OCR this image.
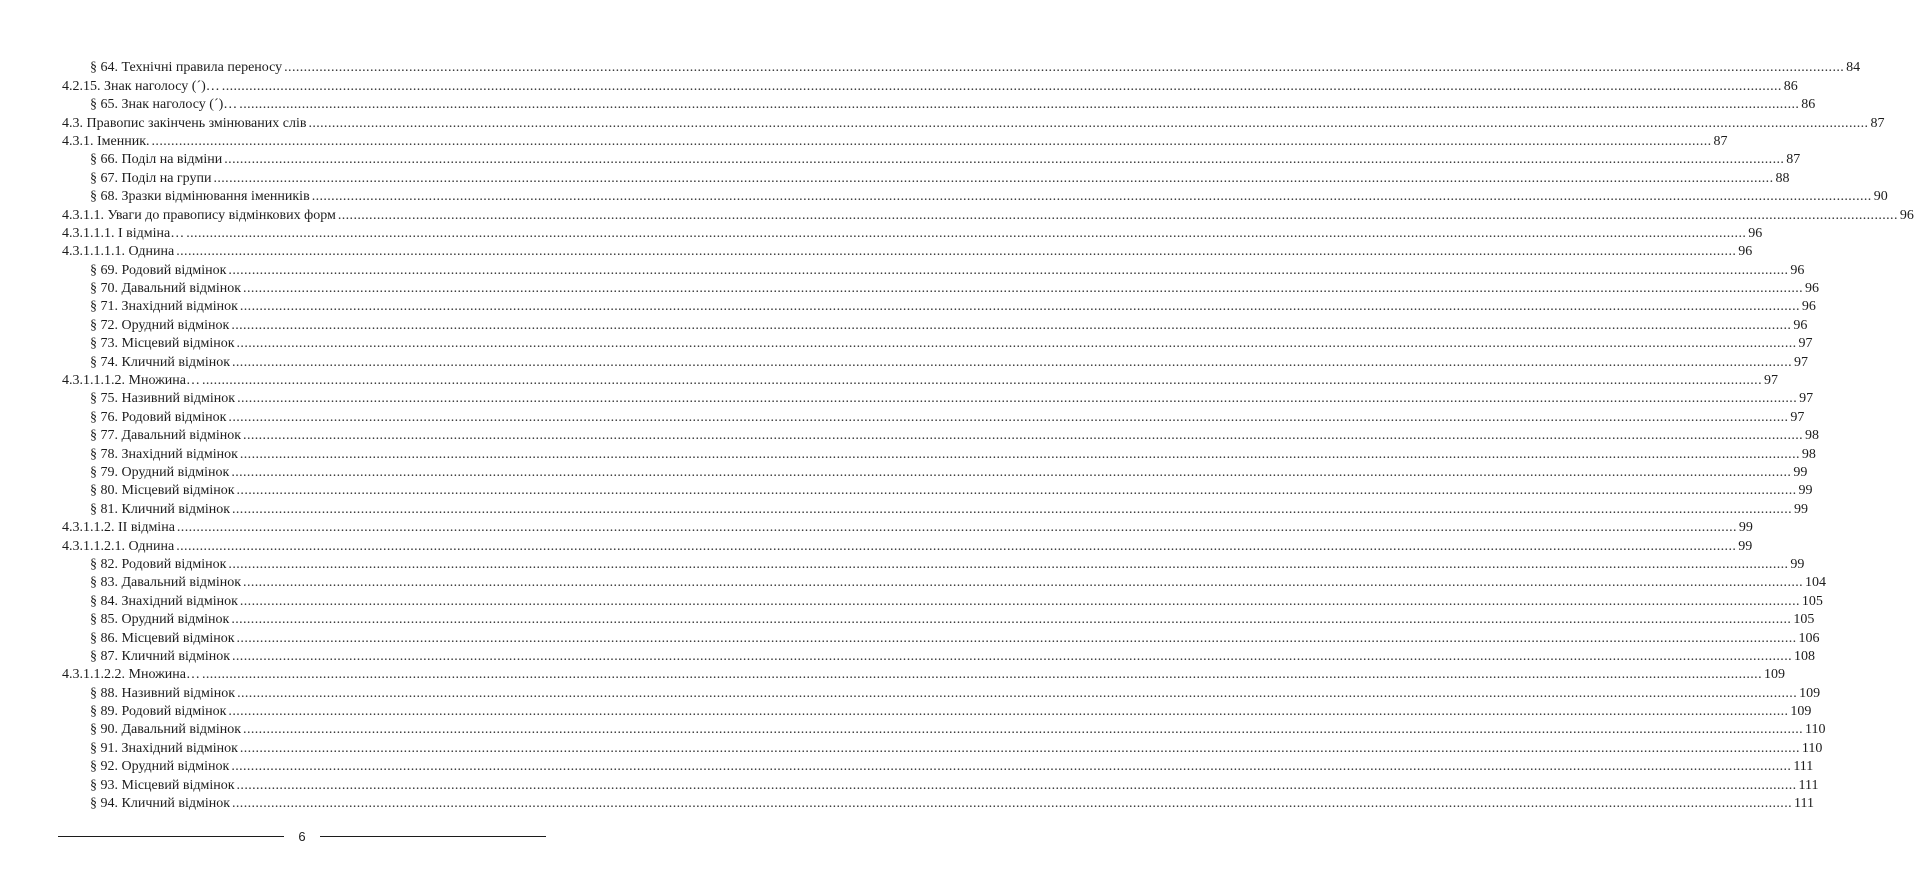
§ 64. Технічні правила переносу ................................................................................................................................................................................................................................................................................................................................................................................................................ 84
4.2.15. Знак наголосу (´)… ................................................................................................................................................................................................................................................................................................................................................................................................................ 86
§ 65. Знак наголосу (´)… ................................................................................................................................................................................................................................................................................................................................................................................................................ 86
4.3. Правопис закінчень змінюваних слів ................................................................................................................................................................................................................................................................................................................................................................................................................ 87
4.3.1. Іменник. ................................................................................................................................................................................................................................................................................................................................................................................................................ 87
§ 66. Поділ на відміни ................................................................................................................................................................................................................................................................................................................................................................................................................ 87
§ 67. Поділ на групи ................................................................................................................................................................................................................................................................................................................................................................................................................ 88
§ 68. Зразки відмінювання іменників ................................................................................................................................................................................................................................................................................................................................................................................................................ 90
4.3.1.1. Уваги до правопису відмінкових форм ................................................................................................................................................................................................................................................................................................................................................................................................................ 96
4.3.1.1.1. І відміна… ................................................................................................................................................................................................................................................................................................................................................................................................................ 96
4.3.1.1.1.1. Однина ................................................................................................................................................................................................................................................................................................................................................................................................................ 96
§ 69. Родовий відмінок ................................................................................................................................................................................................................................................................................................................................................................................................................ 96
§ 70. Давальний відмінок ................................................................................................................................................................................................................................................................................................................................................................................................................ 96
§ 71. Знахідний відмінок ................................................................................................................................................................................................................................................................................................................................................................................................................ 96
§ 72. Орудний відмінок ................................................................................................................................................................................................................................................................................................................................................................................................................ 96
§ 73. Місцевий відмінок ................................................................................................................................................................................................................................................................................................................................................................................................................ 97
§ 74. Кличний відмінок ................................................................................................................................................................................................................................................................................................................................................................................................................ 97
4.3.1.1.1.2. Множина… ................................................................................................................................................................................................................................................................................................................................................................................................................ 97
§ 75. Називний відмінок ................................................................................................................................................................................................................................................................................................................................................................................................................ 97
§ 76. Родовий відмінок ................................................................................................................................................................................................................................................................................................................................................................................................................ 97
§ 77. Давальний відмінок ................................................................................................................................................................................................................................................................................................................................................................................................................ 98
§ 78. Знахідний відмінок ................................................................................................................................................................................................................................................................................................................................................................................................................ 98
§ 79. Орудний відмінок ................................................................................................................................................................................................................................................................................................................................................................................................................ 99
§ 80. Місцевий відмінок ................................................................................................................................................................................................................................................................................................................................................................................................................ 99
§ 81. Кличний відмінок ................................................................................................................................................................................................................................................................................................................................................................................................................ 99
4.3.1.1.2. ІІ відміна ................................................................................................................................................................................................................................................................................................................................................................................................................ 99
4.3.1.1.2.1. Однина ................................................................................................................................................................................................................................................................................................................................................................................................................ 99
§ 82. Родовий відмінок ................................................................................................................................................................................................................................................................................................................................................................................................................ 99
§ 83. Давальний відмінок ................................................................................................................................................................................................................................................................................................................................................................................................................ 104
§ 84. Знахідний відмінок ................................................................................................................................................................................................................................................................................................................................................................................................................ 105
§ 85. Орудний відмінок ................................................................................................................................................................................................................................................................................................................................................................................................................ 105
§ 86. Місцевий відмінок ................................................................................................................................................................................................................................................................................................................................................................................................................ 106
§ 87. Кличний відмінок ................................................................................................................................................................................................................................................................................................................................................................................................................ 108
4.3.1.1.2.2. Множина… ................................................................................................................................................................................................................................................................................................................................................................................................................ 109
§ 88. Називний відмінок ................................................................................................................................................................................................................................................................................................................................................................................................................ 109
§ 89. Родовий відмінок ................................................................................................................................................................................................................................................................................................................................................................................................................ 109
§ 90. Давальний відмінок ................................................................................................................................................................................................................................................................................................................................................................................................................ 110
§ 91. Знахідний відмінок ................................................................................................................................................................................................................................................................................................................................................................................................................ 110
§ 92. Орудний відмінок ................................................................................................................................................................................................................................................................................................................................................................................................................ 111
§ 93. Місцевий відмінок ................................................................................................................................................................................................................................................................................................................................................................................................................ 111
§ 94. Кличний відмінок ................................................................................................................................................................................................................................................................................................................................................................................................................ 111
6
